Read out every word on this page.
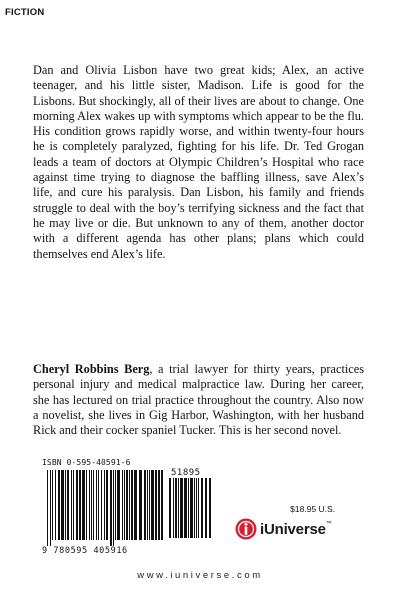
FICTION

Dan and Olivia Lisbon have two great kids; Alex, an active teenager, and his little sister, Madison. Life is good for the Lisbons. But shockingly, all of their lives are about to change. One morning Alex wakes up with symptoms which appear to be the flu. His condition grows rapidly worse, and within twenty-four hours he is completely paralyzed, fighting for his life. Dr. Ted Grogan leads a team of doctors at Olympic Children’s Hospital who race against time trying to diagnose the baffling illness, save Alex’s life, and cure his paralysis. Dan Lisbon, his family and friends struggle to deal with the boy’s terrifying sickness and the fact that he may live or die. But unknown to any of them, another doctor with a different agenda has other plans; plans which could themselves end Alex’s life.

Cheryl Robbins Berg, a trial lawyer for thirty years, practices personal injury and medical malpractice law. During her career, she has lectured on trial practice throughout the country. Also now a novelist, she lives in Gig Harbor, Washington, with her husband Rick and their cocker spaniel Tucker. This is her second novel.

ISBN 0-595-40591-6
51895
9 780595 405916
$18.95 U.S.
iUniverse™
www.iuniverse.com
